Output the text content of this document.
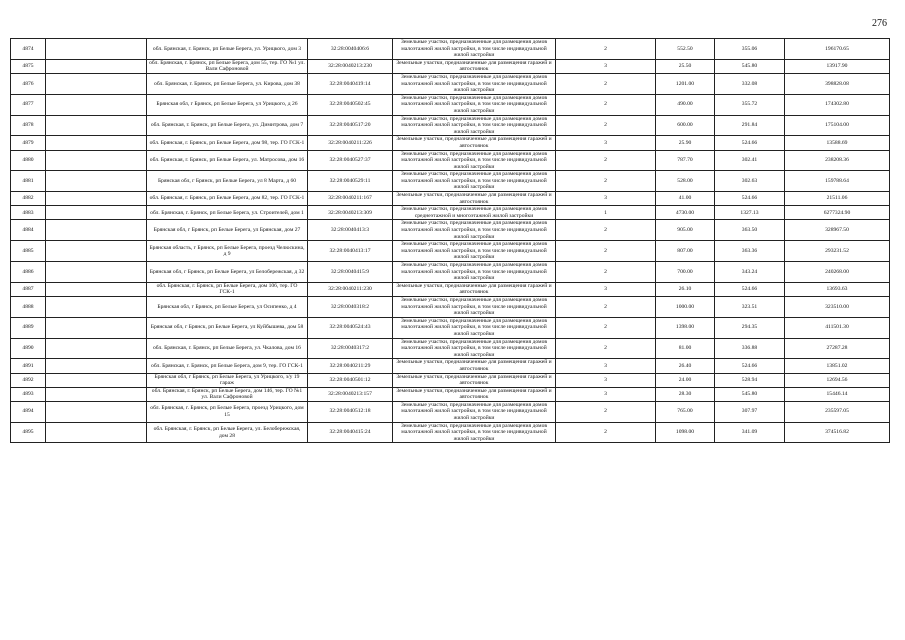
276
4874		обл. Брянская, г. Брянск, рп Белые Берега, ул. Урицкого, дом 3	32:28:0040406:6	Земельные участки, предназначенные для размещения домов малоэтажной жилой застройки, в том числе индивидуальной жилой застройки	2	552.50	355.06	196170.65
4875		обл. Брянская, г. Брянск, рп Белые Берега, дом 55, тер. ГО №1 ул. Вали Сафроновой	32:28:0040213:230	Земельные участки, предназначенные для размещения гаражей и автостоянок	3	25.50	545.80	13917.90
4876		обл. Брянская, г. Брянск, рп Белые Берега, ул. Кирова, дом 38	32:28:0040419:14	Земельные участки, предназначенные для размещения домов малоэтажной жилой застройки, в том числе индивидуальной жилой застройки	2	1201.00	332.08	398828.08
4877		Брянская обл, г Брянск, рп Белые Берега, ул Урицкого, д 26	32:28:0040502:45	Земельные участки, предназначенные для размещения домов малоэтажной жилой застройки, в том числе индивидуальной жилой застройки	2	490.00	355.72	174302.80
4878		обл. Брянская, г. Брянск, рп Белые Берега, ул. Димитрова, дом 7	32:28:0040517:20	Земельные участки, предназначенные для размещения домов малоэтажной жилой застройки, в том числе индивидуальной жилой застройки	2	600.00	291.84	175104.00
4879		обл. Брянская, г. Брянск, рп Белые Берега, дом 98, тер. ГО ГСК-1	32:28:0040211:226	Земельные участки, предназначенные для размещения гаражей и автостоянок	3	25.90	524.66	13588.69
4880		обл. Брянская, г. Брянск, рп Белые Берега, ул. Матросова, дом 16	32:28:0040527:37	Земельные участки, предназначенные для размещения домов малоэтажной жилой застройки, в том числе индивидуальной жилой застройки	2	787.70	302.41	238208.36
4881		Брянская обл, г Брянск, рп Белые Берега, ул 8 Марта, д 60	32:28:0040529:11	Земельные участки, предназначенные для размещения домов малоэтажной жилой застройки, в том числе индивидуальной жилой застройки	2	528.00	302.63	159788.64
4882		обл. Брянская, г. Брянск, рп Белые Берега, дом 82, тер. ГО ГСК-1	32:28:0040211:167	Земельные участки, предназначенные для размещения гаражей и автостоянок	3	41.00	524.66	21511.06
4883		обл. Брянская, г. Брянск, рп Белые Берега, ул. Строителей, дом 1	32:28:0040213:309	Земельные участки, предназначенные для размещения домов среднеэтажной и многоэтажной жилой застройки	1	4730.00	1327.13	6277324.90
4884		Брянская обл, г Брянск, рп Белые Берега, ул Брянская, дом 27	32:28:0040413:3	Земельные участки, предназначенные для размещения домов малоэтажной жилой застройки, в том числе индивидуальной жилой застройки	2	905.00	363.50	328967.50
4885		Брянская область, г Брянск, рп Белые Берега, проезд Челюскина, д 9	32:28:0040413:17	Земельные участки, предназначенные для размещения домов малоэтажной жилой застройки, в том числе индивидуальной жилой застройки	2	807.00	363.36	293231.52
4886		Брянская обл, г Брянск, рп Белые Берега, ул Белобережская, д 32	32:28:0040415:9	Земельные участки, предназначенные для размещения домов малоэтажной жилой застройки, в том числе индивидуальной жилой застройки	2	700.00	343.24	240268.00
4887		обл. Брянская, г. Брянск, рп Белые Берега, дом 106, тер. ГО ГСК-1	32:28:0040211:230	Земельные участки, предназначенные для размещения гаражей и автостоянок	3	26.10	524.66	13693.63
4888		Брянская обл, г Брянск, рп Белые Берега, ул Осипенко, д 4	32:28:0040318:2	Земельные участки, предназначенные для размещения домов малоэтажной жилой застройки, в том числе индивидуальной жилой застройки	2	1000.00	323.51	323510.00
4889		Брянская обл, г Брянск, рп Белые Берега, ул Куйбышева, дом 58	32:28:0040524:43	Земельные участки, предназначенные для размещения домов малоэтажной жилой застройки, в том числе индивидуальной жилой застройки	2	1398.00	294.35	411501.30
4890		обл. Брянская, г. Брянск, рп Белые Берега, ул. Чкалова, дом 16	32:28:0040317:2	Земельные участки, предназначенные для размещения домов малоэтажной жилой застройки, в том числе индивидуальной жилой застройки	2	81.00	336.88	27287.28
4891		обл. Брянская, г. Брянск, рп Белые Берега, дом 9, тер. ГО ГСК-1	32:28:0040211:29	Земельные участки, предназначенные для размещения гаражей и автостоянок	3	26.40	524.66	13851.02
4892		Брянская обл, г Брянск, рп Белые Берега, ул Урицкого, з/у 19 гараж	32:28:0040501:12	Земельные участки, предназначенные для размещения гаражей и автостоянок	3	24.00	528.94	12694.56
4893		обл. Брянская, г. Брянск, рп Белые Берега, дом 146, тер. ГО №1 ул. Вали Сафроновой	32:28:0040213:157	Земельные участки, предназначенные для размещения гаражей и автостоянок	3	28.30	545.80	15446.14
4894		обл. Брянская, г. Брянск, рп Белые Берега, проезд Урицкого, дом 15	32:28:0040512:18	Земельные участки, предназначенные для размещения домов малоэтажной жилой застройки, в том числе индивидуальной жилой застройки	2	765.00	307.97	235597.05
4895		обл. Брянская, г. Брянск, рп Белые Берега, ул. Белобережская, дом 28	32:28:0040415:24	Земельные участки, предназначенные для размещения домов малоэтажной жилой застройки, в том числе индивидуальной жилой застройки	2	1098.00	341.09	374516.82
